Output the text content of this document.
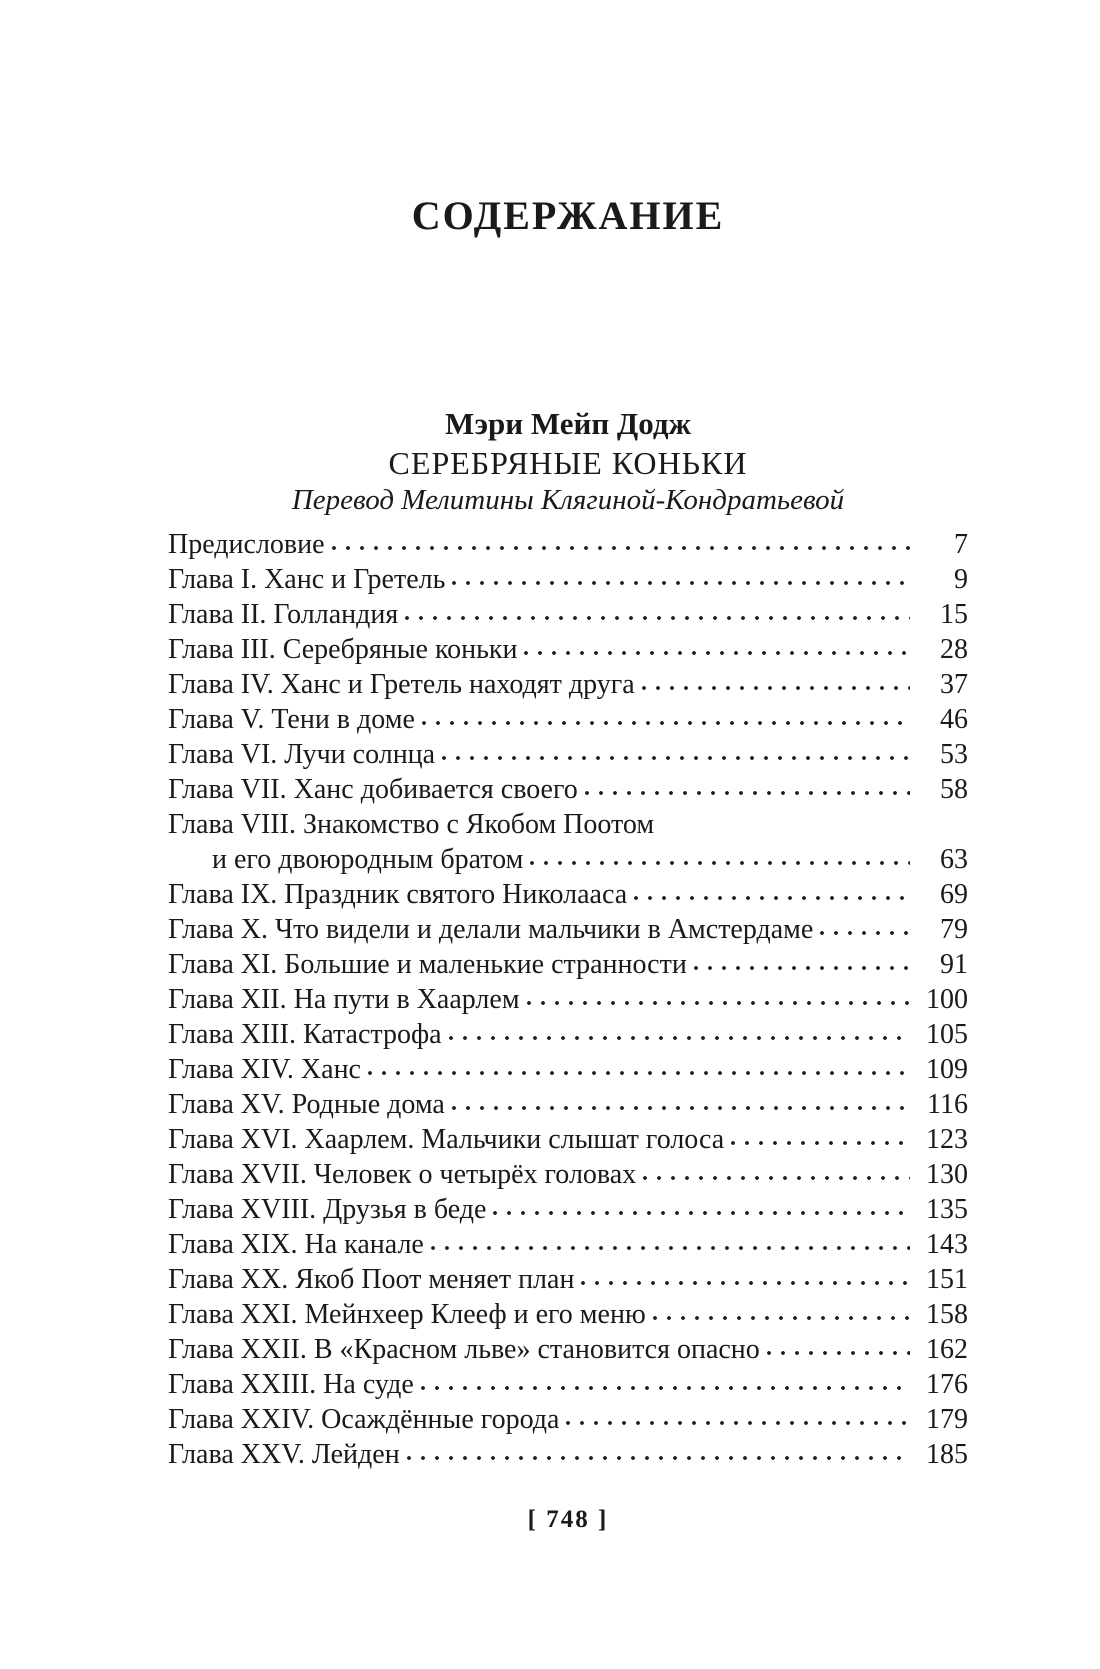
СОДЕРЖАНИЕ
Мэри Мейп Додж
СЕРЕБРЯНЫЕ КОНЬКИ
Перевод Мелитины Клягиной-Кондратьевой
Предисловие	7
Глава I. Ханс и Гретель	9
Глава II. Голландия	15
Глава III. Серебряные коньки	28
Глава IV. Ханс и Гретель находят друга	37
Глава V. Тени в доме	46
Глава VI. Лучи солнца	53
Глава VII. Ханс добивается своего	58
Глава VIII. Знакомство с Якобом Поотом
и его двоюродным братом	63
Глава IX. Праздник святого Николааса	69
Глава X. Что видели и делали мальчики в Амстердаме	79
Глава XI. Большие и маленькие странности	91
Глава XII. На пути в Хаарлем	100
Глава XIII. Катастрофа	105
Глава XIV. Ханс	109
Глава XV. Родные дома	116
Глава XVI. Хаарлем. Мальчики слышат голоса	123
Глава XVII. Человек о четырёх головах	130
Глава XVIII. Друзья в беде	135
Глава XIX. На канале	143
Глава XX. Якоб Поот меняет план	151
Глава XXI. Мейнхеер Клееф и его меню	158
Глава XXII. В «Красном льве» становится опасно	162
Глава XXIII. На суде	176
Глава XXIV. Осаждённые города	179
Глава XXV. Лейден	185
[ 748 ]
